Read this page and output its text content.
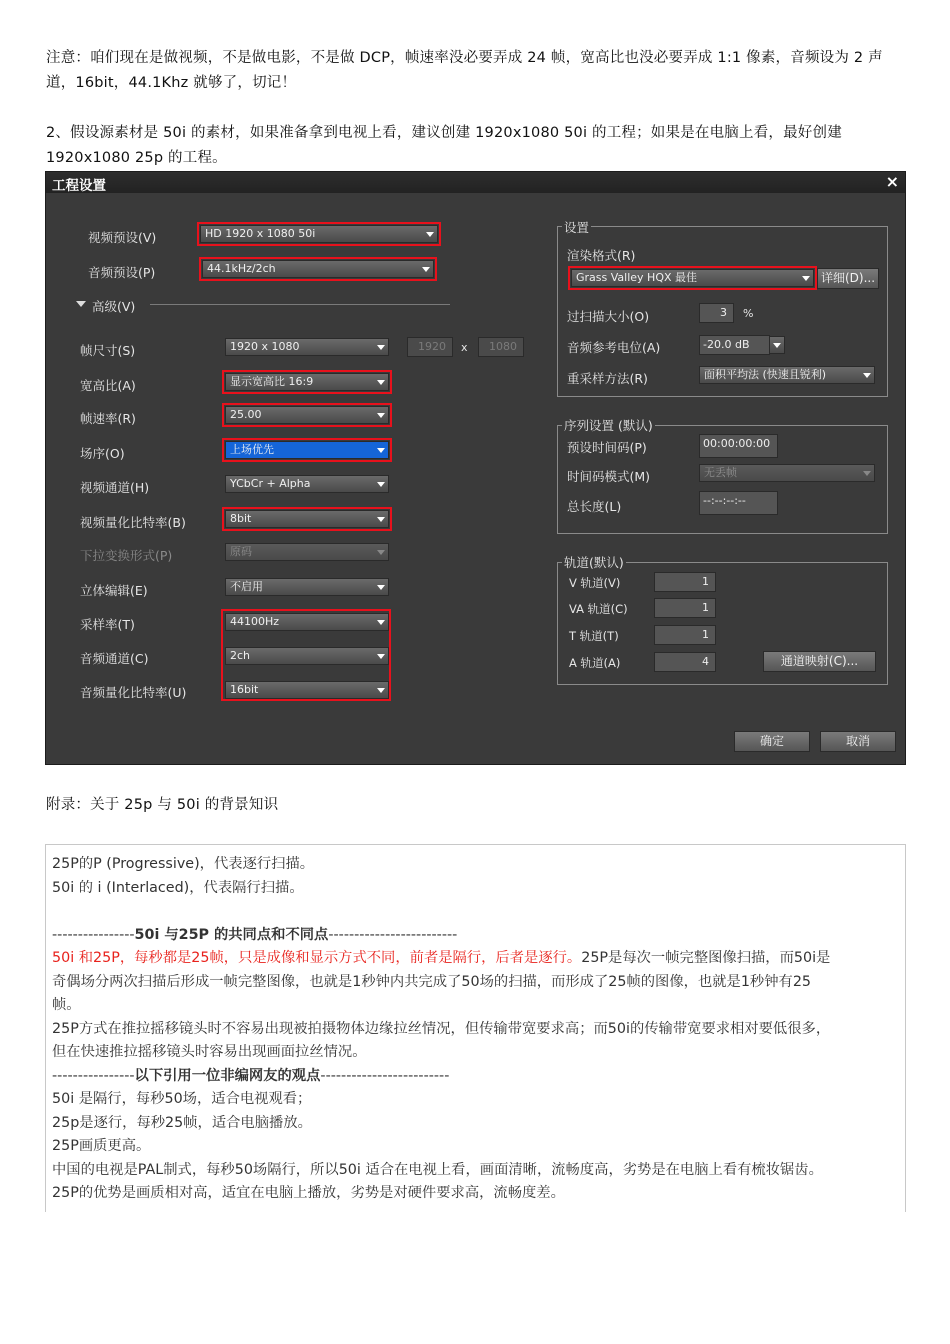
注意：咱们现在是做视频，不是做电影，不是做 DCP，帧速率没必要弄成 24 帧，宽高比也没必要弄成 1:1 像素，音频设为 2 声道，16bit，44.1Khz 就够了，切记！
2、假设源素材是 50i 的素材，如果准备拿到电视上看，建议创建 1920x1080 50i 的工程；如果是在电脑上看，最好创建 1920x1080 25p 的工程。
工程设置	×
视频预设(V)	HD 1920 x 1080 50i
音频预设(P)	44.1kHz/2ch
高级(V)
帧尺寸(S)	1920 x 1080	1920	x	1080
宽高比(A)	显示宽高比 16:9
帧速率(R)	25.00
场序(O)	上场优先
视频通道(H)	YCbCr + Alpha
视频量化比特率(B)	8bit
下拉变换形式(P)	原码
立体编辑(E)	不启用
采样率(T)	44100Hz
音频通道(C)	2ch
音频量化比特率(U)	16bit
设置
渲染格式(R)
Grass Valley HQX 最佳	详细(D)...
过扫描大小(O)	3	%
音频参考电位(A)	-20.0 dB
重采样方法(R)	面积平均法 (快速且锐利)
序列设置 (默认)
预设时间码(P)	00:00:00:00
时间码模式(M)	无丢帧
总长度(L)	--:--:--:--
轨道(默认)
V 轨道(V)	1
VA 轨道(C)	1
T 轨道(T)	1
A 轨道(A)	4	通道映射(C)...
确定	取消
附录：关于 25p 与 50i 的背景知识
25P的P (Progressive)，代表逐行扫描。
50i 的 i (Interlaced)，代表隔行扫描。
----------------50i 与25P 的共同点和不同点-------------------------
50i 和25P，每秒都是25帧，只是成像和显示方式不同，前者是隔行，后者是逐行。25P是每次一帧完整图像扫描，而50i是
奇偶场分两次扫描后形成一帧完整图像，也就是1秒钟内共完成了50场的扫描，而形成了25帧的图像，也就是1秒钟有25
帧。
25P方式在推拉摇移镜头时不容易出现被拍摄物体边缘拉丝情况，但传输带宽要求高；而50i的传输带宽要求相对要低很多，
但在快速推拉摇移镜头时容易出现画面拉丝情况。
----------------以下引用一位非编网友的观点-------------------------
50i 是隔行，每秒50场，适合电视观看；
25p是逐行，每秒25帧，适合电脑播放。
25P画质更高。
中国的电视是PAL制式，每秒50场隔行，所以50i 适合在电视上看，画面清晰，流畅度高，劣势是在电脑上看有梳妆锯齿。
25P的优势是画质相对高，适宜在电脑上播放，劣势是对硬件要求高，流畅度差。
